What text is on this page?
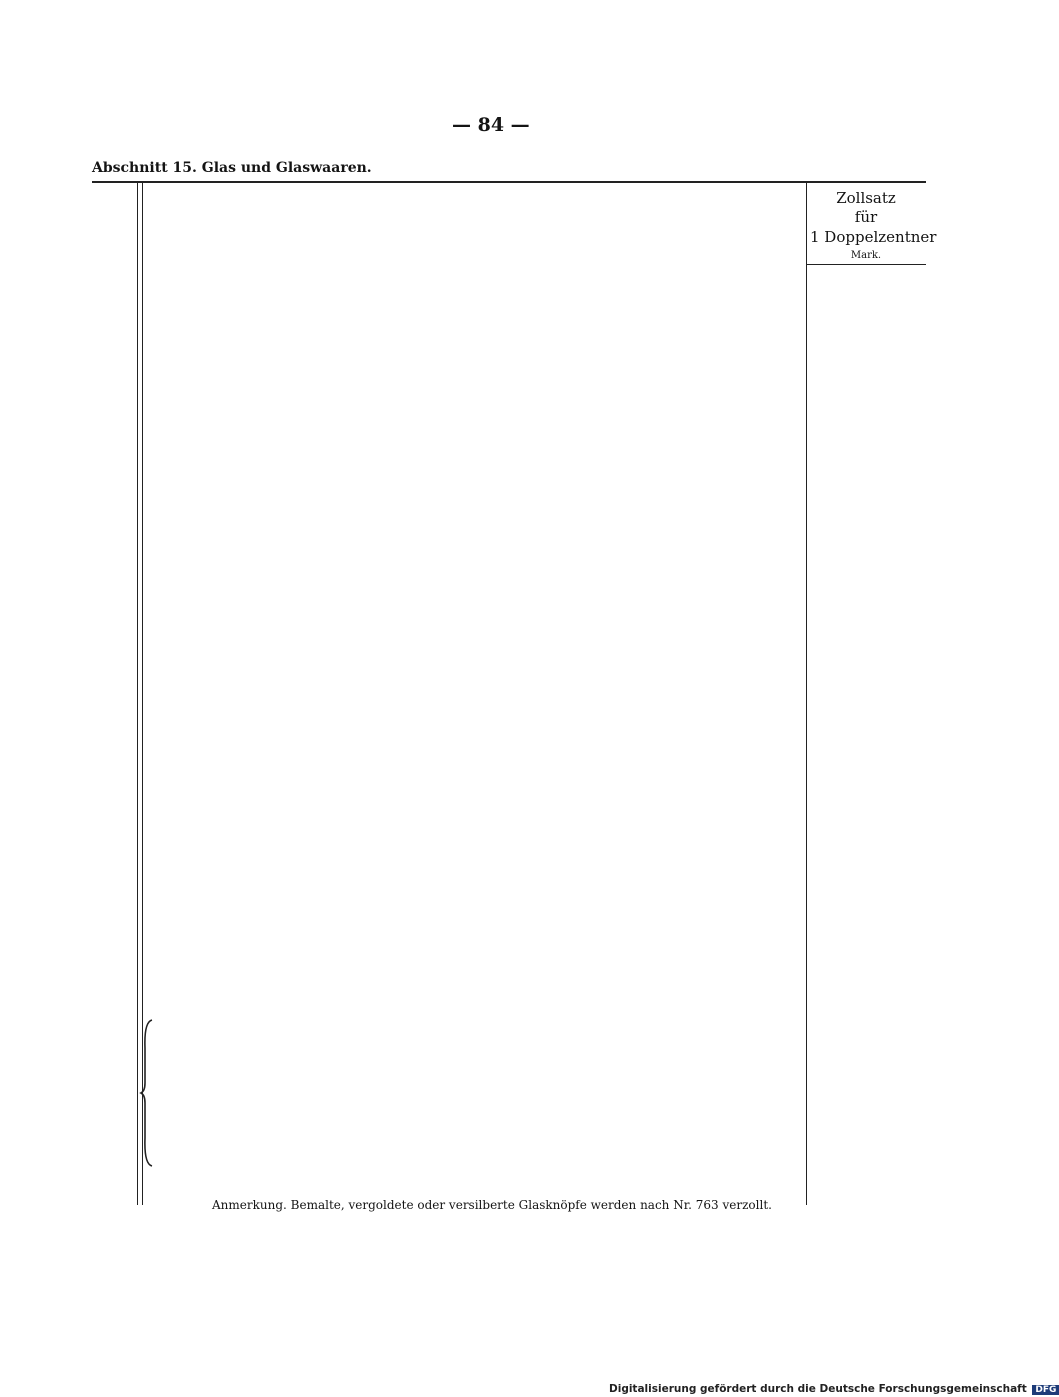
— 84 —
Abschnitt 15. Glas und Glaswaaren.
Zollsatz
für
1 Doppelzentner
Mark.
Anmerkung. Bemalte, vergoldete oder versilberte Glasknöpfe werden nach Nr. 763 verzollt.
Digitalisierung gefördert durch die Deutsche Forschungsgemeinschaft DFG
